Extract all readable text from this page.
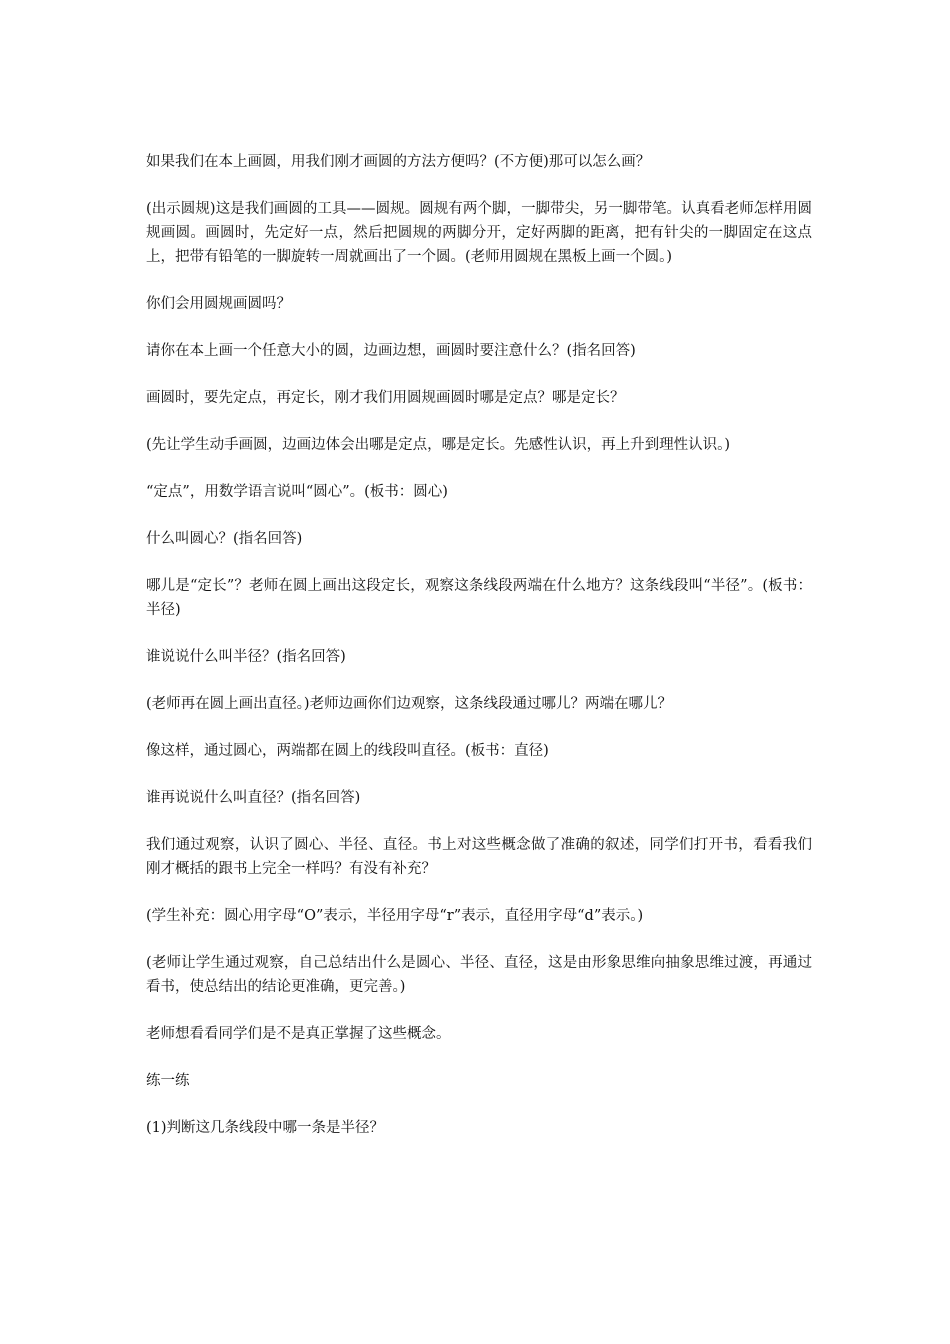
如果我们在本上画圆，用我们刚才画圆的方法方便吗？(不方便)那可以怎么画？

(出示圆规)这是我们画圆的工具——圆规。圆规有两个脚，一脚带尖，另一脚带笔。认真看老师怎样用圆规画圆。画圆时，先定好一点，然后把圆规的两脚分开，定好两脚的距离，把有针尖的一脚固定在这点上，把带有铅笔的一脚旋转一周就画出了一个圆。(老师用圆规在黑板上画一个圆。)

你们会用圆规画圆吗？

请你在本上画一个任意大小的圆，边画边想，画圆时要注意什么？(指名回答)

画圆时，要先定点，再定长，刚才我们用圆规画圆时哪是定点？哪是定长？

(先让学生动手画圆，边画边体会出哪是定点，哪是定长。先感性认识，再上升到理性认识。)

“定点”，用数学语言说叫“圆心”。(板书：圆心)

什么叫圆心？(指名回答)

哪儿是“定长”？老师在圆上画出这段定长，观察这条线段两端在什么地方？这条线段叫“半径”。(板书：半径)

谁说说什么叫半径？(指名回答)

(老师再在圆上画出直径。)老师边画你们边观察，这条线段通过哪儿？两端在哪儿？

像这样，通过圆心，两端都在圆上的线段叫直径。(板书：直径)

谁再说说什么叫直径？(指名回答)

我们通过观察，认识了圆心、半径、直径。书上对这些概念做了准确的叙述，同学们打开书，看看我们刚才概括的跟书上完全一样吗？有没有补充？

(学生补充：圆心用字母“O”表示，半径用字母“r”表示，直径用字母“d”表示。)

(老师让学生通过观察，自己总结出什么是圆心、半径、直径，这是由形象思维向抽象思维过渡，再通过看书，使总结出的结论更准确，更完善。)

老师想看看同学们是不是真正掌握了这些概念。

练一练

(1)判断这几条线段中哪一条是半径？
